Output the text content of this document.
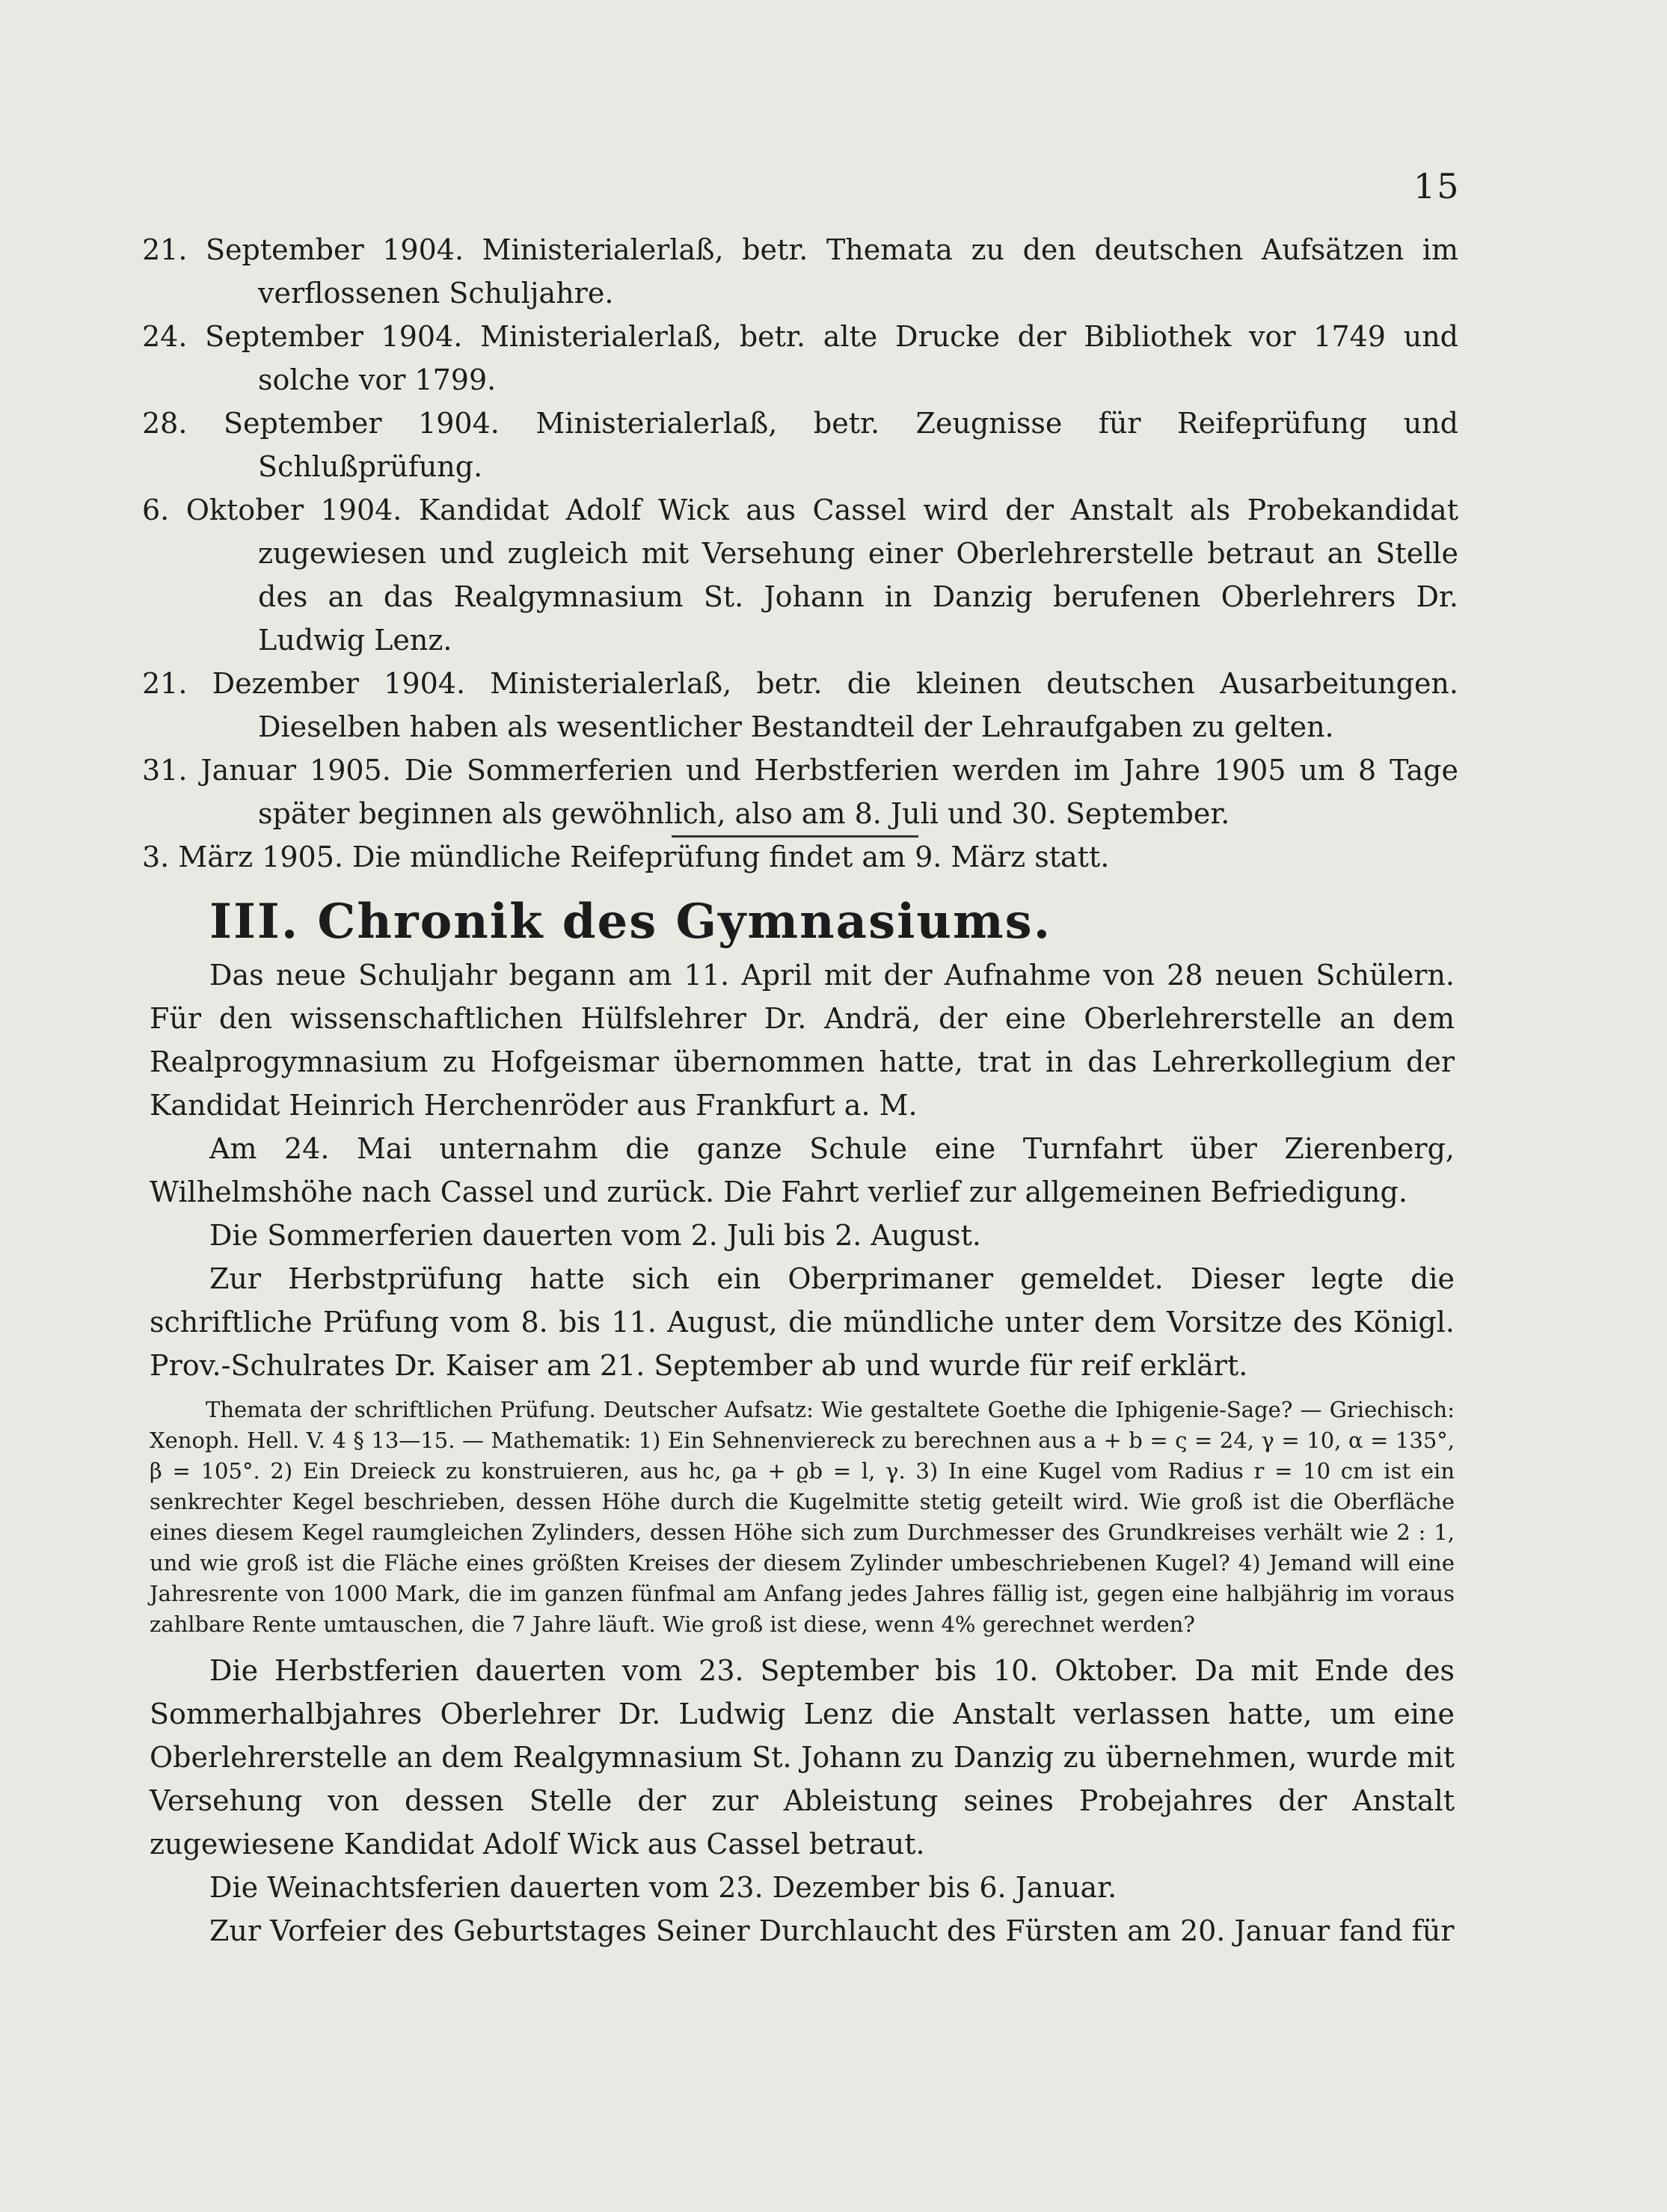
15
21. September 1904. Ministerialerlaß, betr. Themata zu den deutschen Aufsätzen im verflossenen Schuljahre.
24. September 1904. Ministerialerlaß, betr. alte Drucke der Bibliothek vor 1749 und solche vor 1799.
28. September 1904. Ministerialerlaß, betr. Zeugnisse für Reifeprüfung und Schlußprüfung.
6. Oktober 1904. Kandidat Adolf Wick aus Cassel wird der Anstalt als Probekandidat zugewiesen und zugleich mit Versehung einer Oberlehrerstelle betraut an Stelle des an das Realgymnasium St. Johann in Danzig berufenen Oberlehrers Dr. Ludwig Lenz.
21. Dezember 1904. Ministerialerlaß, betr. die kleinen deutschen Ausarbeitungen. Dieselben haben als wesentlicher Bestandteil der Lehraufgaben zu gelten.
31. Januar 1905. Die Sommerferien und Herbstferien werden im Jahre 1905 um 8 Tage später beginnen als gewöhnlich, also am 8. Juli und 30. September.
3. März 1905. Die mündliche Reifeprüfung findet am 9. März statt.
III. Chronik des Gymnasiums.

Das neue Schuljahr begann am 11. April mit der Aufnahme von 28 neuen Schülern. Für den wissenschaftlichen Hülfslehrer Dr. Andrä, der eine Oberlehrerstelle an dem Realprogymnasium zu Hofgeismar übernommen hatte, trat in das Lehrerkollegium der Kandidat Heinrich Herchenröder aus Frankfurt a. M.

Am 24. Mai unternahm die ganze Schule eine Turnfahrt über Zierenberg, Wilhelmshöhe nach Cassel und zurück. Die Fahrt verlief zur allgemeinen Befriedigung.

Die Sommerferien dauerten vom 2. Juli bis 2. August.

Zur Herbstprüfung hatte sich ein Oberprimaner gemeldet. Dieser legte die schriftliche Prüfung vom 8. bis 11. August, die mündliche unter dem Vorsitze des Königl. Prov.-Schulrates Dr. Kaiser am 21. September ab und wurde für reif erklärt.

Themata der schriftlichen Prüfung. Deutscher Aufsatz: Wie gestaltete Goethe die Iphigenie-Sage? — Griechisch: Xenoph. Hell. V. 4 § 13—15. — Mathematik: 1) Ein Sehnenviereck zu berechnen aus a + b = ς = 24, γ = 10, α = 135°, β = 105°. 2) Ein Dreieck zu konstruieren, aus hc, ϱa + ϱb = l, γ. 3) In eine Kugel vom Radius r = 10 cm ist ein senkrechter Kegel beschrieben, dessen Höhe durch die Kugelmitte stetig geteilt wird. Wie groß ist die Oberfläche eines diesem Kegel raumgleichen Zylinders, dessen Höhe sich zum Durchmesser des Grundkreises verhält wie 2 : 1, und wie groß ist die Fläche eines größten Kreises der diesem Zylinder umbeschriebenen Kugel? 4) Jemand will eine Jahresrente von 1000 Mark, die im ganzen fünfmal am Anfang jedes Jahres fällig ist, gegen eine halbjährig im voraus zahlbare Rente umtauschen, die 7 Jahre läuft. Wie groß ist diese, wenn 4% gerechnet werden?

Die Herbstferien dauerten vom 23. September bis 10. Oktober. Da mit Ende des Sommerhalbjahres Oberlehrer Dr. Ludwig Lenz die Anstalt verlassen hatte, um eine Oberlehrerstelle an dem Realgymnasium St. Johann zu Danzig zu übernehmen, wurde mit Versehung von dessen Stelle der zur Ableistung seines Probejahres der Anstalt zugewiesene Kandidat Adolf Wick aus Cassel betraut.

Die Weinachtsferien dauerten vom 23. Dezember bis 6. Januar.

Zur Vorfeier des Geburtstages Seiner Durchlaucht des Fürsten am 20. Januar fand für
